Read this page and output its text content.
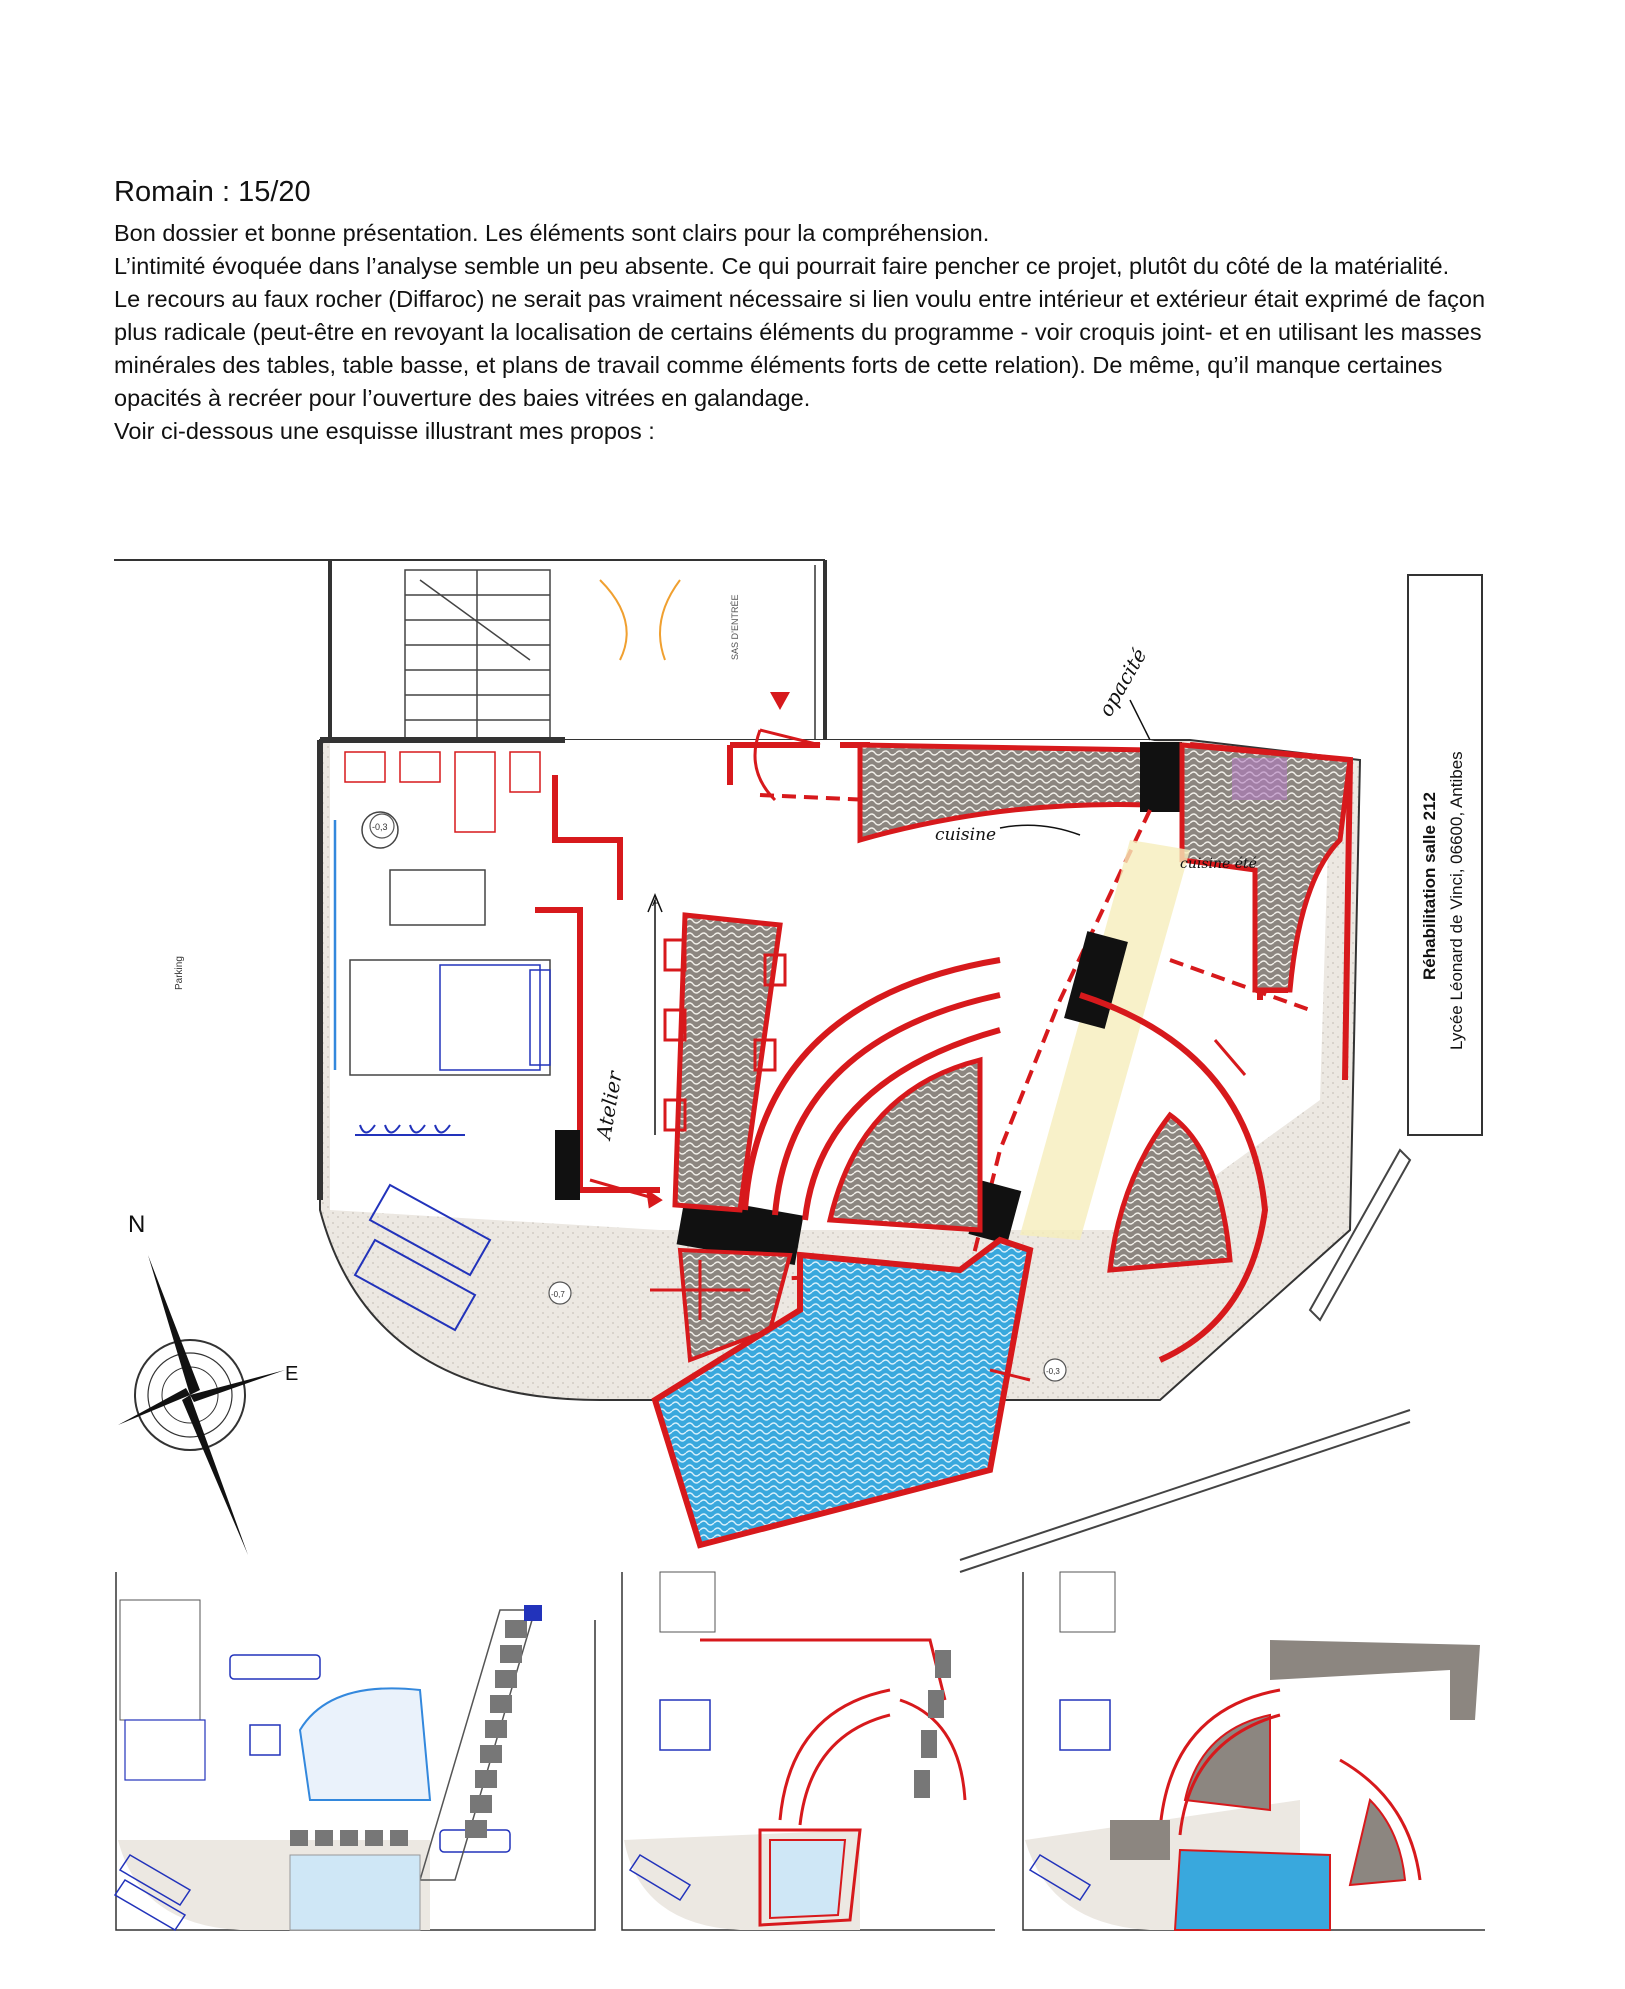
Romain : 15/20

Bon dossier et bonne présentation. Les éléments sont clairs pour la compréhension.

L’intimité évoquée dans l’analyse semble un peu absente. Ce qui pourrait faire pencher ce projet, plutôt du côté de la matérialité.

Le recours au faux rocher (Diffaroc) ne serait pas vraiment nécessaire si lien voulu entre intérieur et extérieur était exprimé de façon plus radicale (peut-être en revoyant la localisation de certains éléments du programme - voir croquis joint- et en utilisant les masses minérales des tables, table basse, et plans de travail comme éléments forts de cette relation). De même, qu’il manque certaines opacités à recréer pour l’ouverture des baies vitrées en galandage.

Voir ci-dessous une esquisse illustrant mes propos :

SAS D’ENTRÉE
Parking
A
opacité
cuisine
cuisine été
Atelier
-0,3
-0,7
-0,3
Réhabilitation salle 212 Lycée Léonard de Vinci, 06600, Antibes
N
E
